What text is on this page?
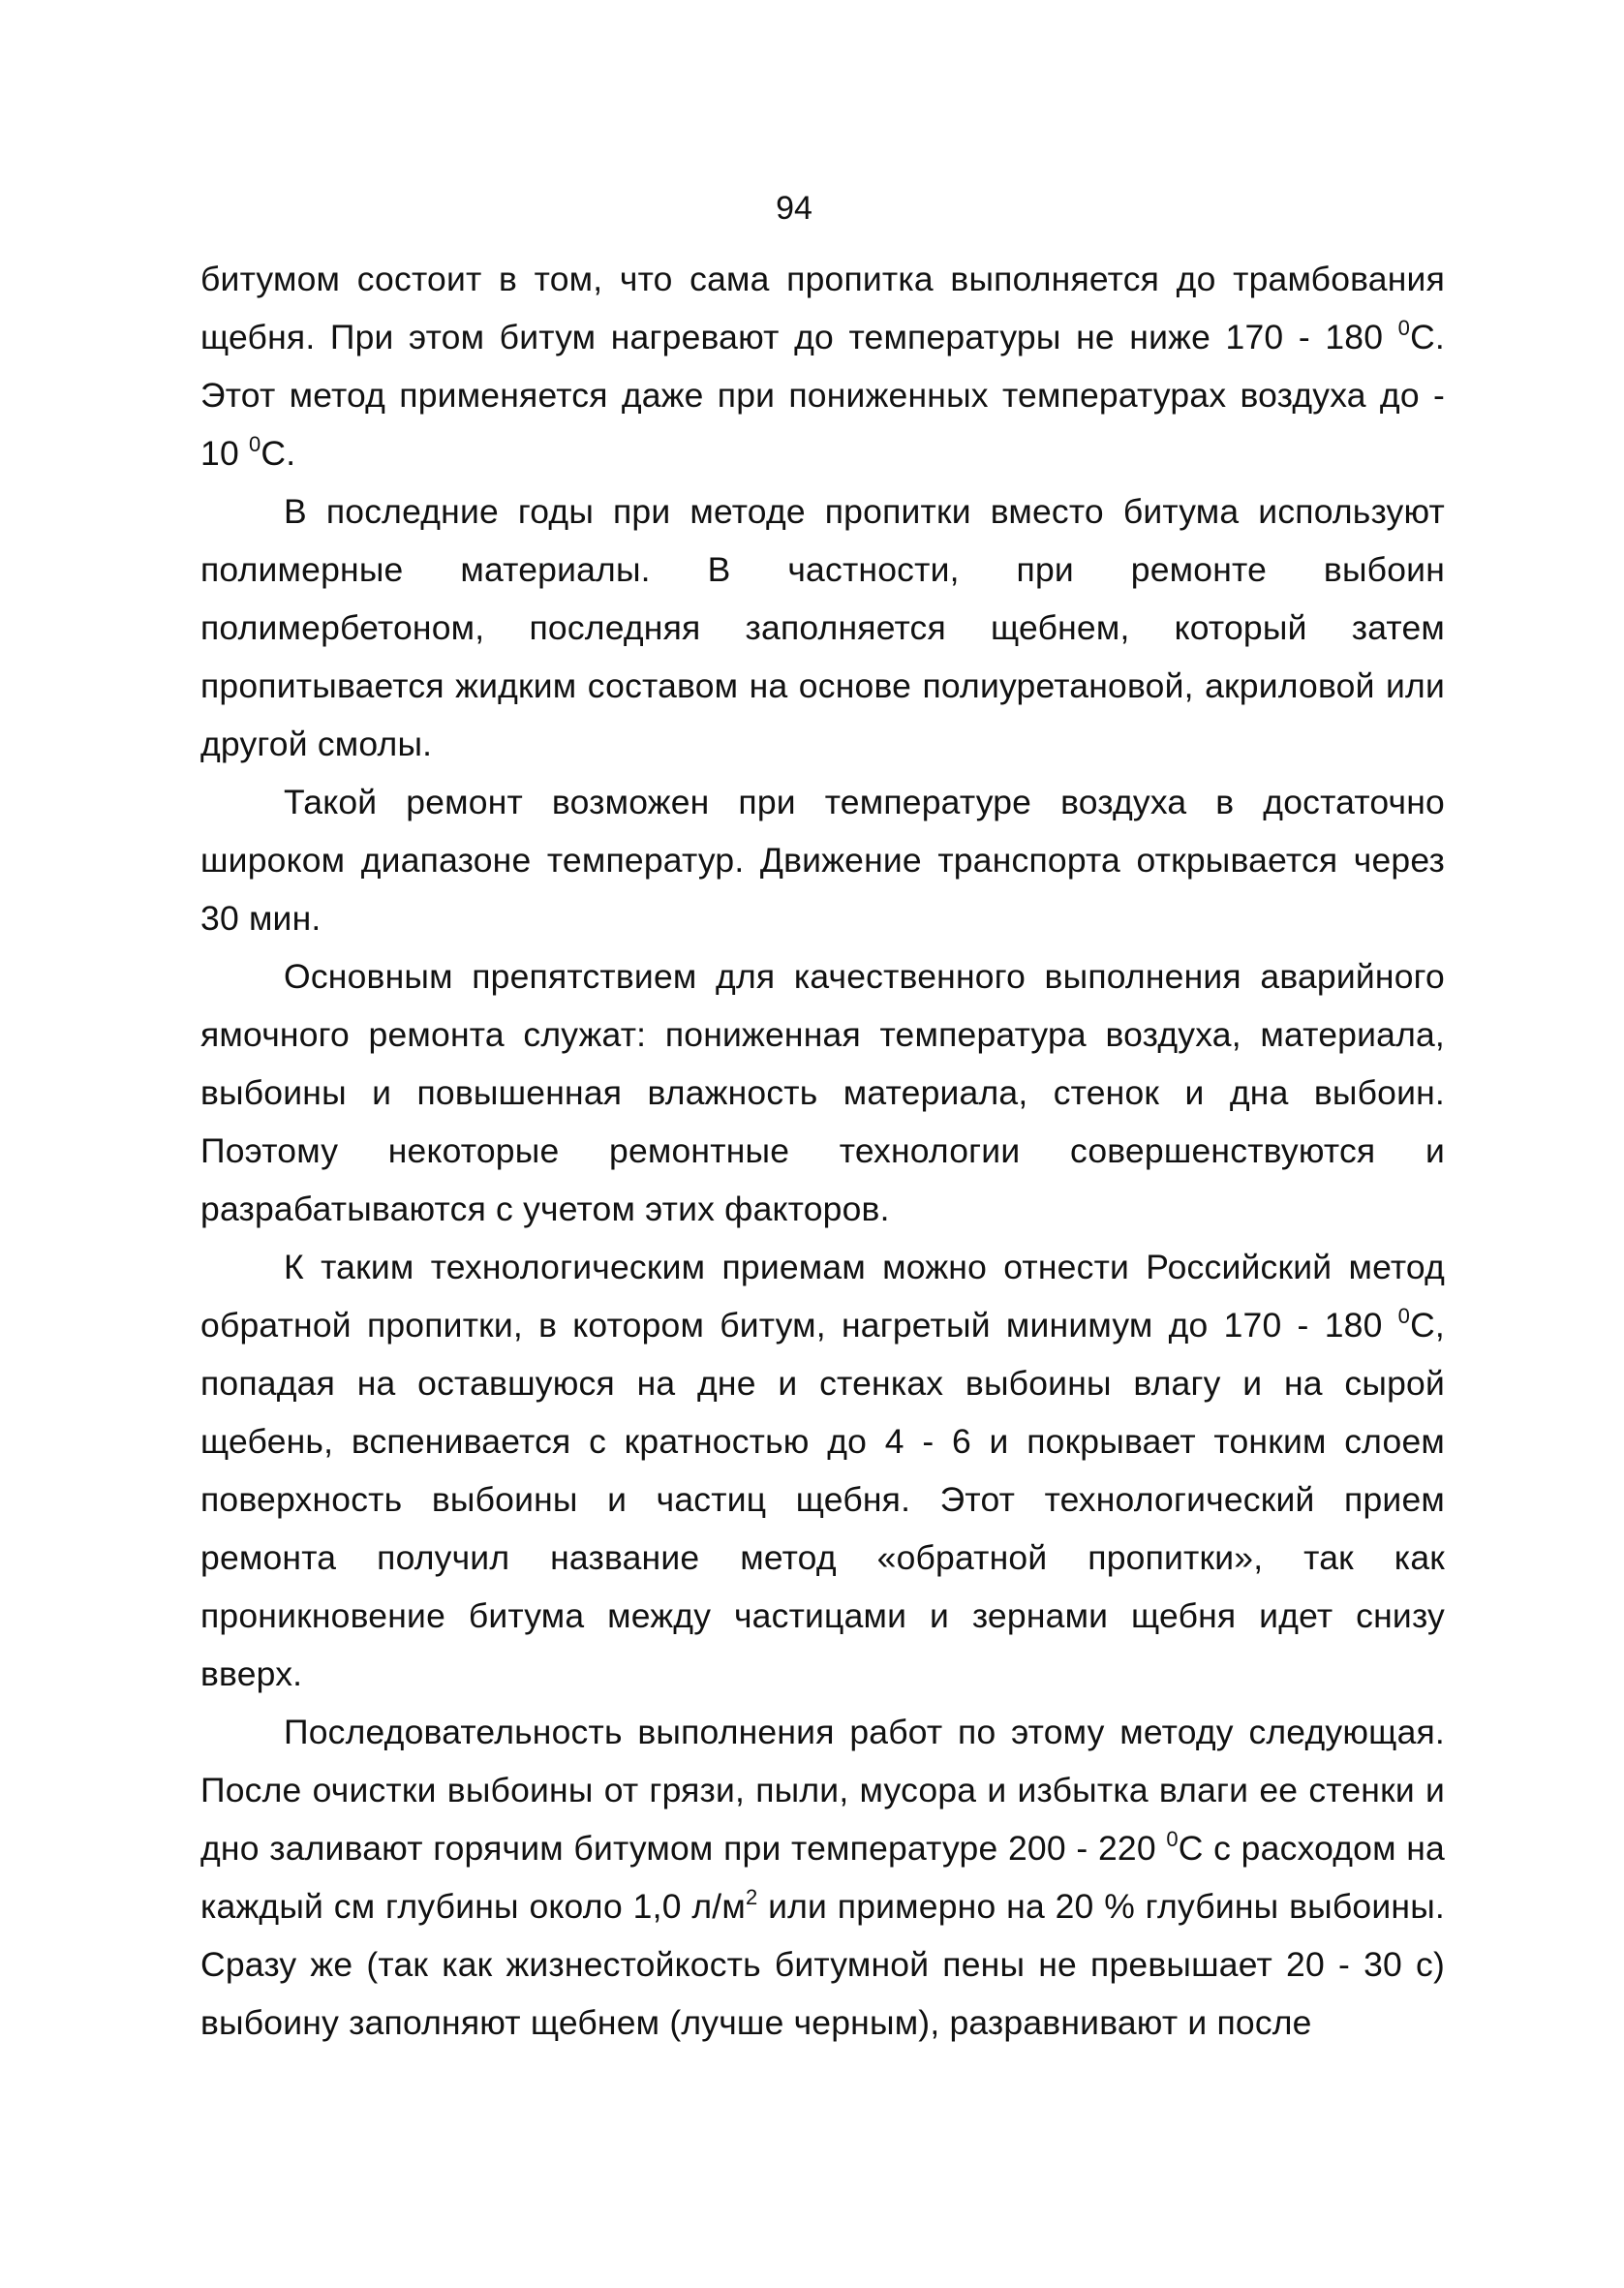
94

битумом состоит в том, что сама пропитка выполняется до трамбования щебня. При этом битум нагревают до температуры не ниже 170 - 180 $^0$С. Этот метод применяется даже при пониженных температурах воздуха до - 10 $^0$С.

В последние годы при методе пропитки вместо битума используют полимерные материалы. В частности, при ремонте выбоин полимербетоном, последняя заполняется щебнем, который затем пропитывается жидким составом на основе полиуретановой, акриловой или другой смолы.

Такой ремонт возможен при температуре воздуха в достаточно широком диапазоне температур. Движение транспорта открывается через 30 мин.

Основным препятствием для качественного выполнения аварийного ямочного ремонта служат: пониженная температура воздуха, материала, выбоины и повышенная влажность материала, стенок и дна выбоин. Поэтому некоторые ремонтные технологии совершенствуются и разрабатываются с учетом этих факторов.

К таким технологическим приемам можно отнести Российский метод обратной пропитки, в котором битум, нагретый минимум до 170 - 180 $^0$С, попадая на оставшуюся на дне и стенках выбоины влагу и на сырой щебень, вспенивается с кратностью до 4 - 6 и покрывает тонким слоем поверхность выбоины и частиц щебня. Этот технологический прием ремонта получил название метод «обратной пропитки», так как проникновение битума между частицами и зернами щебня идет снизу вверх.

Последовательность выполнения работ по этому методу следующая. После очистки выбоины от грязи, пыли, мусора и избытка влаги ее стенки и дно заливают горячим битумом при температуре 200 - 220 $^0$С с расходом на каждый см глубины около 1,0 $л/м^2$ или примерно на 20 % глубины выбоины. Сразу же (так как жизнестойкость битумной пены не превышает 20 - 30 с) выбоину заполняют щебнем (лучше черным), разравнивают и после
